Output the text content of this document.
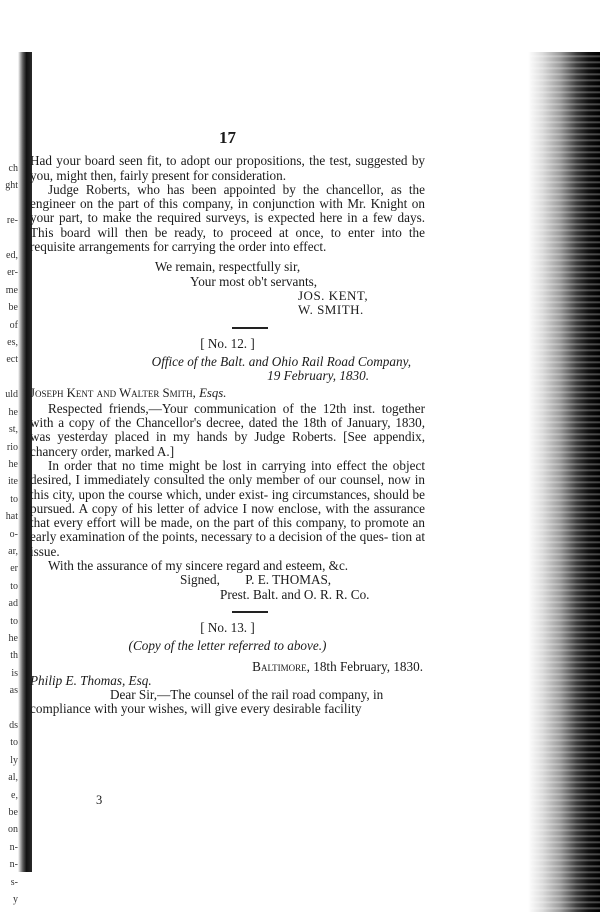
ch
ght

re-

ed,
er-
me
be
of
es,
ect

uld
he
st,
rio
he
ite
to
hat
o-
ar,
er
to
ad
to
he
th
is
as

ds
to
ly
al,
e,
be
on
n-
n-
s-
y
17

Had your board seen fit, to adopt our propositions, the test, suggested by you, might then, fairly present for consideration.

Judge Roberts, who has been appointed by the chancellor, as the engineer on the part of this company, in conjunction with Mr. Knight on your part, to make the required surveys, is expected here in a few days. This board will then be ready, to proceed at once, to enter into the requisite arrangements for carrying the order into effect.

We remain, respectfully sir,
Your most ob't servants,
JOS. KENT,
W. SMITH.
[ No. 12. ]
Office of the Balt. and Ohio Rail Road Company,
19 February, 1830.
Joseph Kent and Walter Smith, Esqs.

Respected friends,—Your communication of the 12th inst. together with a copy of the Chancellor's decree, dated the 18th of January, 1830, was yesterday placed in my hands by Judge Roberts. [See appendix, chancery order, marked A.]

In order that no time might be lost in carrying into effect the object desired, I immediately consulted the only member of our counsel, now in this city, upon the course which, under exist- ing circumstances, should be pursued. A copy of his letter of advice I now enclose, with the assurance that every effort will be made, on the part of this company, to promote an early examination of the points, necessary to a decision of the ques- tion at issue.

With the assurance of my sincere regard and esteem, &c.

Signed, P. E. THOMAS,
Prest. Balt. and O. R. R. Co.
[ No. 13. ]
(Copy of the letter referred to above.)
Baltimore, 18th February, 1830.
Philip E. Thomas, Esq.
Dear Sir,—The counsel of the rail road company, in
compliance with your wishes, will give every desirable facility
3
